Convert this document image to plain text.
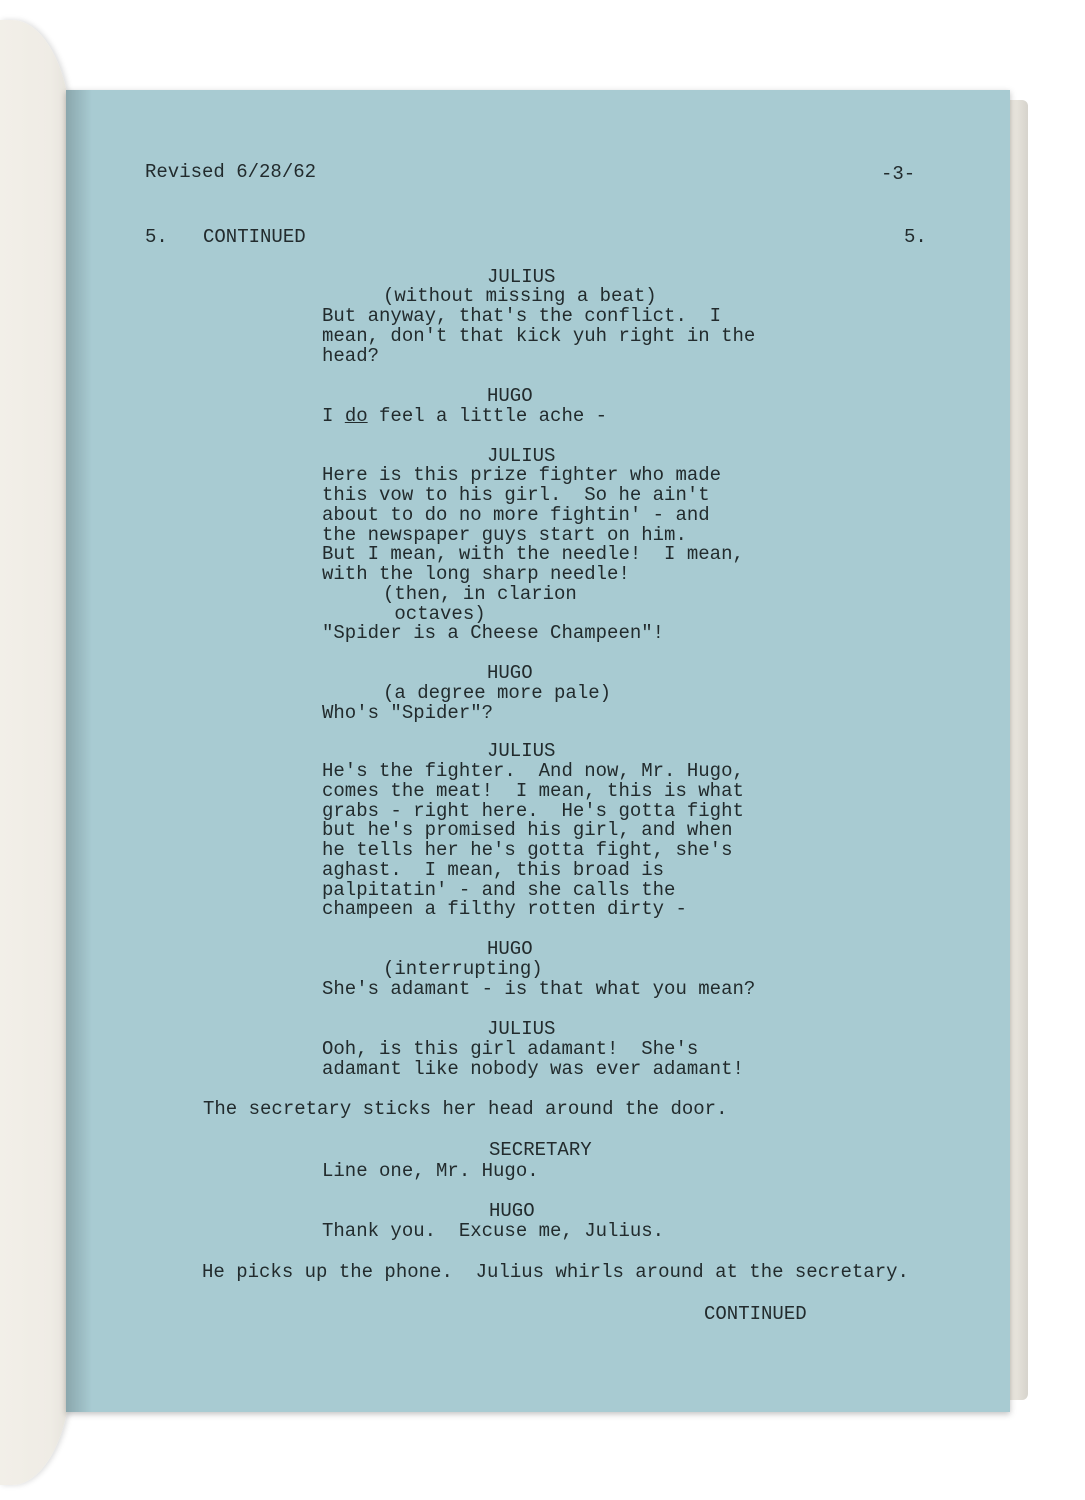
Revised 6/28/62	-3-
5. CONTINUED	5.
JULIUS
(without missing a beat)
But anyway, that's the conflict.  I
mean, don't that kick yuh right in the
head?
HUGO
I do feel a little ache -
JULIUS
Here is this prize fighter who made
this vow to his girl.  So he ain't
about to do no more fightin' - and
the newspaper guys start on him.
But I mean, with the needle!  I mean,
with the long sharp needle!
(then, in clarion
octaves)
"Spider is a Cheese Champeen"!
HUGO
(a degree more pale)
Who's "Spider"?
JULIUS
He's the fighter.  And now, Mr. Hugo,
comes the meat!  I mean, this is what
grabs - right here.  He's gotta fight
but he's promised his girl, and when
he tells her he's gotta fight, she's
aghast.  I mean, this broad is
palpitatin' - and she calls the
champeen a filthy rotten dirty -
HUGO
(interrupting)
She's adamant - is that what you mean?
JULIUS
Ooh, is this girl adamant!  She's
adamant like nobody was ever adamant!
The secretary sticks her head around the door.
SECRETARY
Line one, Mr. Hugo.
HUGO
Thank you.  Excuse me, Julius.
He picks up the phone.  Julius whirls around at the secretary.
CONTINUED
